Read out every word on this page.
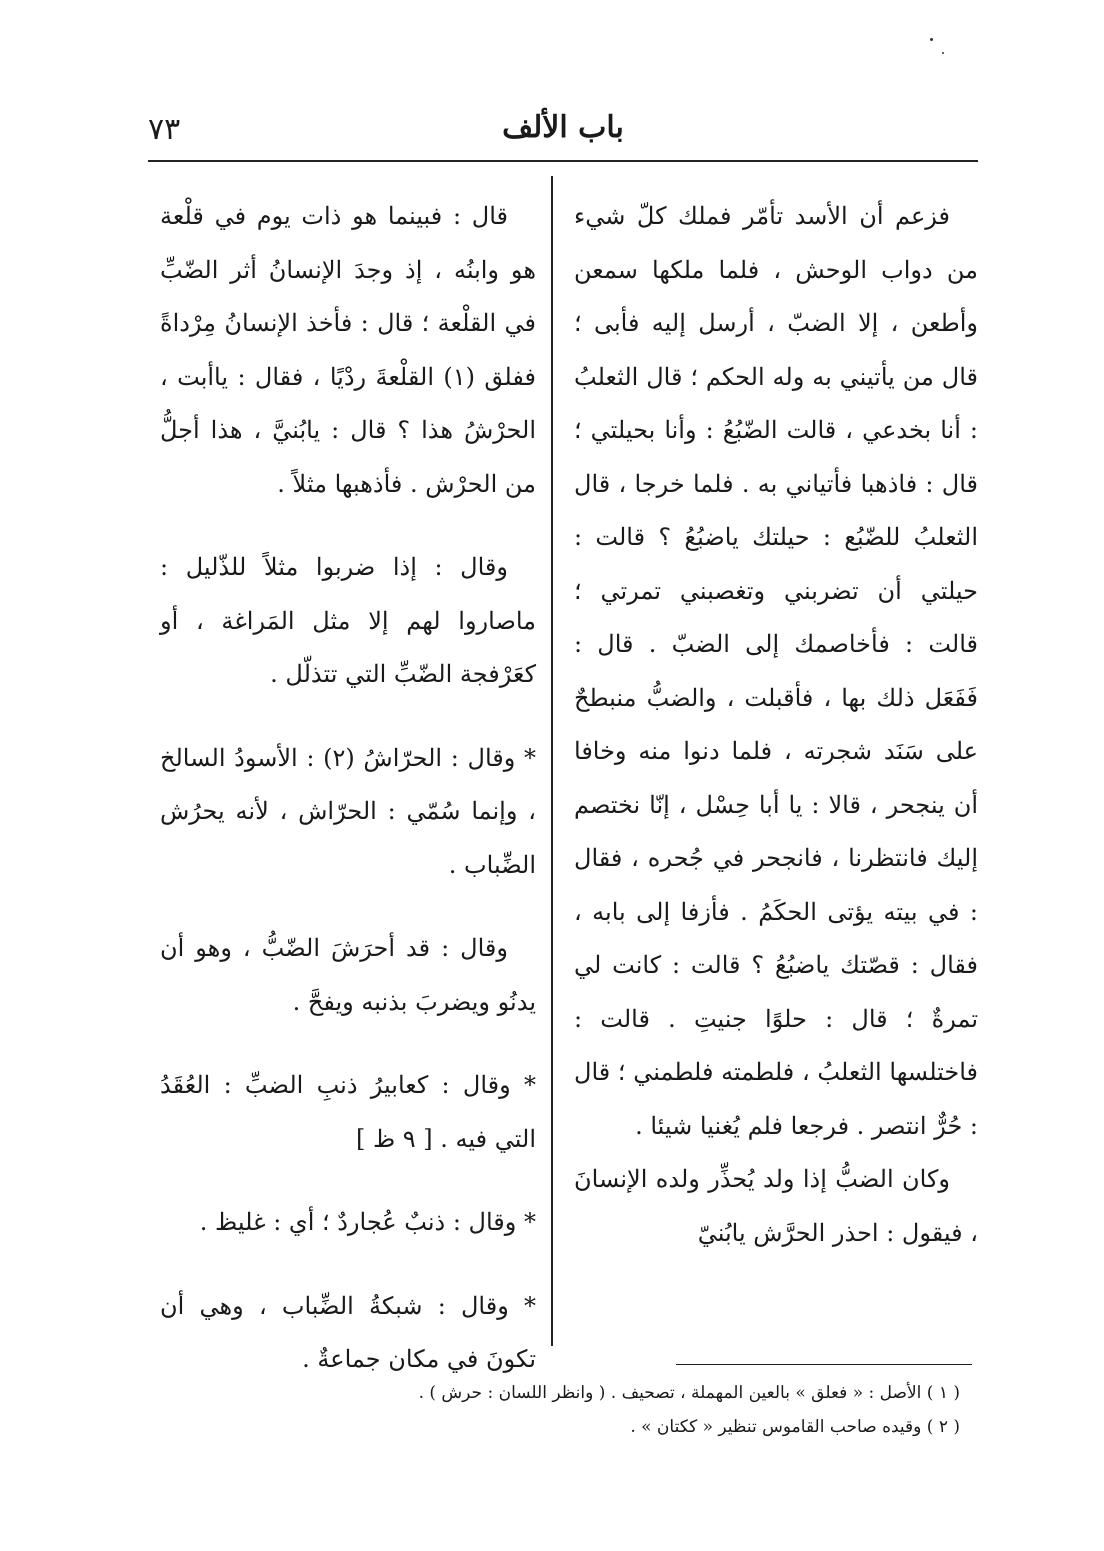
باب الألف
٧٣

فزعم أن الأسد تأمّر فملك كلّ شيء من دواب الوحش ، فلما ملكها سمعن وأطعن ، إلا الضبّ ، أرسل إليه فأبى ؛ قال من يأتيني به وله الحكم ؛ قال الثعلبُ : أنا بخدعي ، قالت الضّبُعُ : وأنا بحيلتي ؛ قال : فاذهبا فأتياني به . فلما خرجا ، قال الثعلبُ للضّبُع : حيلتك ياضبُعُ ؟ قالت : حيلتي أن تضربني وتغصبني تمرتي ؛ قالت : فأخاصمك إلى الضبّ . قال : فَفَعَل ذلك بها ، فأقبلت ، والضبُّ منبطحٌ على سَنَد شجرته ، فلما دنوا منه وخافا أن ينجحر ، قالا : يا أبا حِسْل ، إنّا نختصم إليك فانتظرنا ، فانجحر في جُحره ، فقال : في بيته يؤتى الحكَمُ . فأزفا إلى بابه ، فقال : قصّتك ياضبُعُ ؟ قالت : كانت لي تمرةٌ ؛ قال : حلوًا جنيتِ . قالت : فاختلسها الثعلبُ ، فلطمته فلطمني ؛ قال : حُرٌّ انتصر . فرجعا فلم يُغنيا شيئا .

وكان الضبُّ إذا ولد يُحذِّر ولده الإنسانَ ، فيقول : احذر الحرَّش يابُنيّ

قال : فبينما هو ذات يوم في قلْعة هو وابنُه ، إذ وجدَ الإنسانُ أثر الضّبِّ في القلْعة ؛ قال : فأخذ الإنسانُ مِرْداةً ففلق (١) القلْعةَ ردْيًا ، فقال : ياأبت ، الحرْشُ هذا ؟ قال : يابُنيَّ ، هذا أجلُّ من الحرْش . فأذهبها مثلاً .

وقال : إذا ضربوا مثلاً للذّليل : ماصاروا لهم إلا مثل المَراغة ، أو كعَرْفجة الضّبِّ التي تتذلّل .

* وقال : الحرّاشُ (٢) : الأسودُ السالخ ، وإنما سُمّي : الحرّاش ، لأنه يحرُش الضِّباب .

وقال : قد أحرَشَ الضّبُّ ، وهو أن يدنُو ويضربَ بذنبه ويفحَّ .

* وقال : كعابيرُ ذنبِ الضبِّ : العُقَدُ التي فيه . [ ٩ ظ ]

* وقال : ذنبٌ عُجاردٌ ؛ أي : غليظ .

* وقال : شبكةُ الضِّباب ، وهي أن تكونَ في مكان جماعةٌ .

( ١ ) الأصل : « فعلق » بالعين المهملة ، تصحيف . ( وانظر اللسان : حرش ) .

( ٢ ) وقيده صاحب القاموس تنظير « ككتان » .
